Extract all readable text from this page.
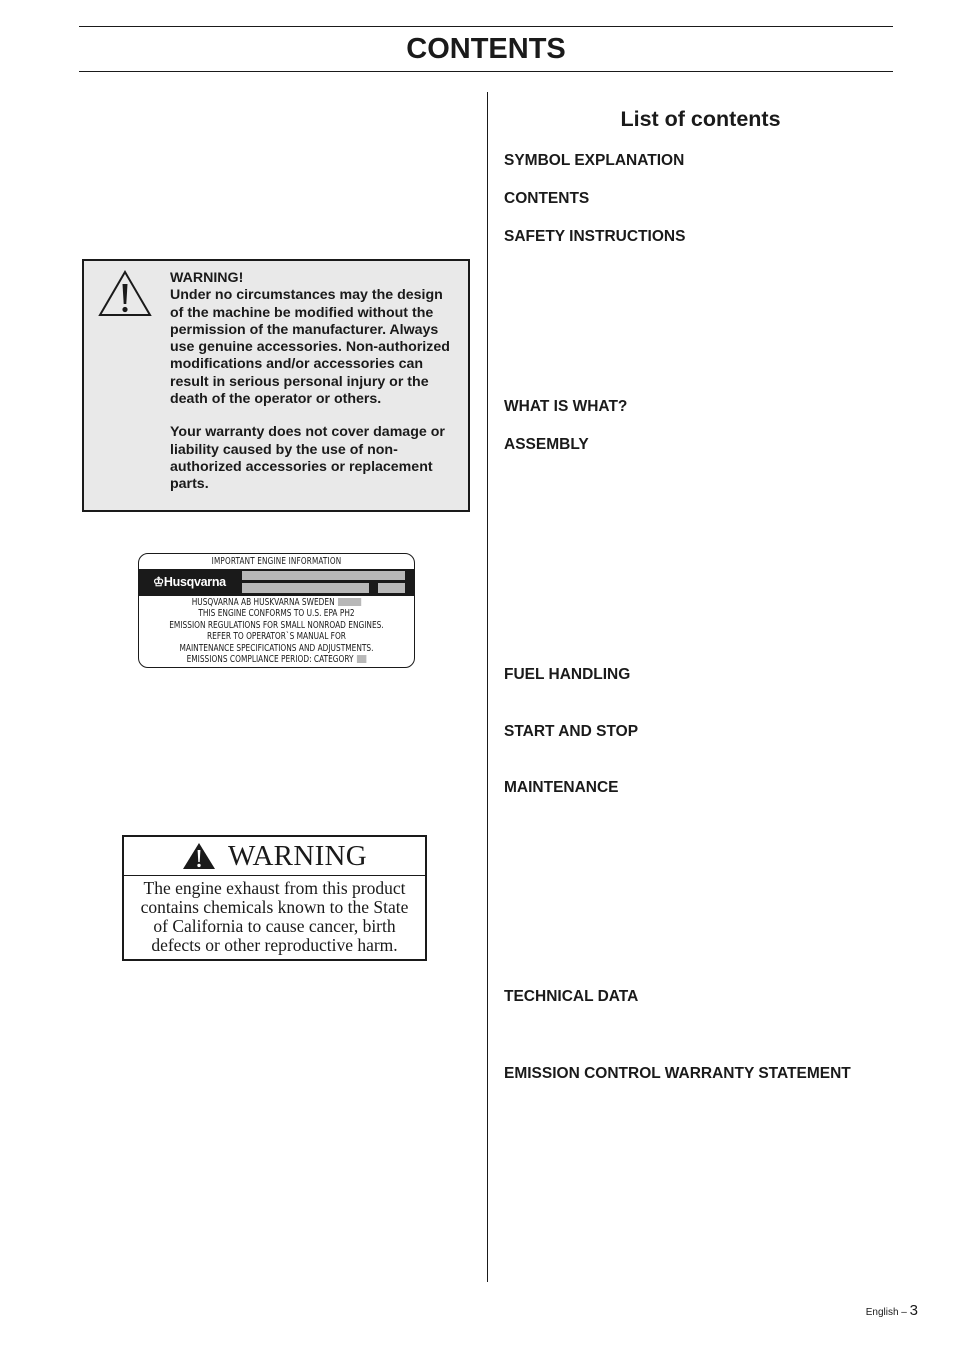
CONTENTS

WARNING!

Under no circumstances may the design

of the machine be modified without the

permission of the manufacturer. Always

use genuine accessories. Non-authorized

modifications and/or accessories can

result in serious personal injury or the

death of the operator or others.

Your warranty does not cover damage or

liability caused by the use of non-

authorized accessories or replacement

parts.

IMPORTANT ENGINE INFORMATION
♔Husqvarna
HUSQVARNA AB HUSKVARNA SWEDEN
THIS ENGINE CONFORMS TO U.S. EPA PH2
EMISSION REGULATIONS FOR SMALL NONROAD ENGINES.
REFER TO OPERATOR`S MANUAL FOR
MAINTENANCE SPECIFICATIONS AND ADJUSTMENTS.
EMISSIONS COMPLIANCE PERIOD: CATEGORY
WARNING
The engine exhaust from this product
contains chemicals known to the State
of California to cause cancer, birth
defects or other reproductive harm.
List of contents
SYMBOL EXPLANATION
CONTENTS
SAFETY INSTRUCTIONS
WHAT IS WHAT?
ASSEMBLY
FUEL HANDLING
START AND STOP
MAINTENANCE
TECHNICAL DATA
EMISSION CONTROL WARRANTY STATEMENT
English – 3
